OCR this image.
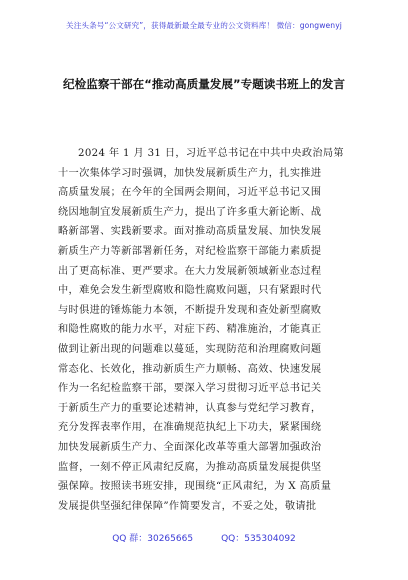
关注头条号“公文研究”，获得最新最全最专业的公文资料库！ 微信：gongwenyj
纪检监察干部在“推动高质量发展”专题读书班上的发言
2024 年 1 月 31 日，习近平总书记在中共中央政治局第
十一次集体学习时强调，加快发展新质生产力，扎实推进
高质量发展；在今年的全国两会期间，习近平总书记又围
绕因地制宜发展新质生产力，提出了许多重大新论断、战
略新部署、实践新要求。面对推动高质量发展、加快发展
新质生产力等新部署新任务，对纪检监察干部能力素质提
出了更高标准、更严要求。在大力发展新领域新业态过程
中，难免会发生新型腐败和隐性腐败问题，只有紧跟时代
与时俱进的锤炼能力本领，不断提升发现和查处新型腐败
和隐性腐败的能力水平，对症下药、精准施治，才能真正
做到让新出现的问题难以蔓延，实现防范和治理腐败问题
常态化、长效化，推动新质生产力顺畅、高效、快速发展
作为一名纪检监察干部，要深入学习贯彻习近平总书记关
于新质生产力的重要论述精神，认真参与党纪学习教育，
充分发挥表率作用，在准确规范执纪上下功夫，紧紧围绕
加快发展新质生产力、全面深化改革等重大部署加强政治
监督，一刻不停正风肃纪反腐，为推动高质量发展提供坚
强保障。按照读书班安排，现围绕“正风肃纪，为 X 高质量
发展提供坚强纪律保障”作简要发言，不妥之处，敬请批
QQ 群：30265665	QQ：535304092
